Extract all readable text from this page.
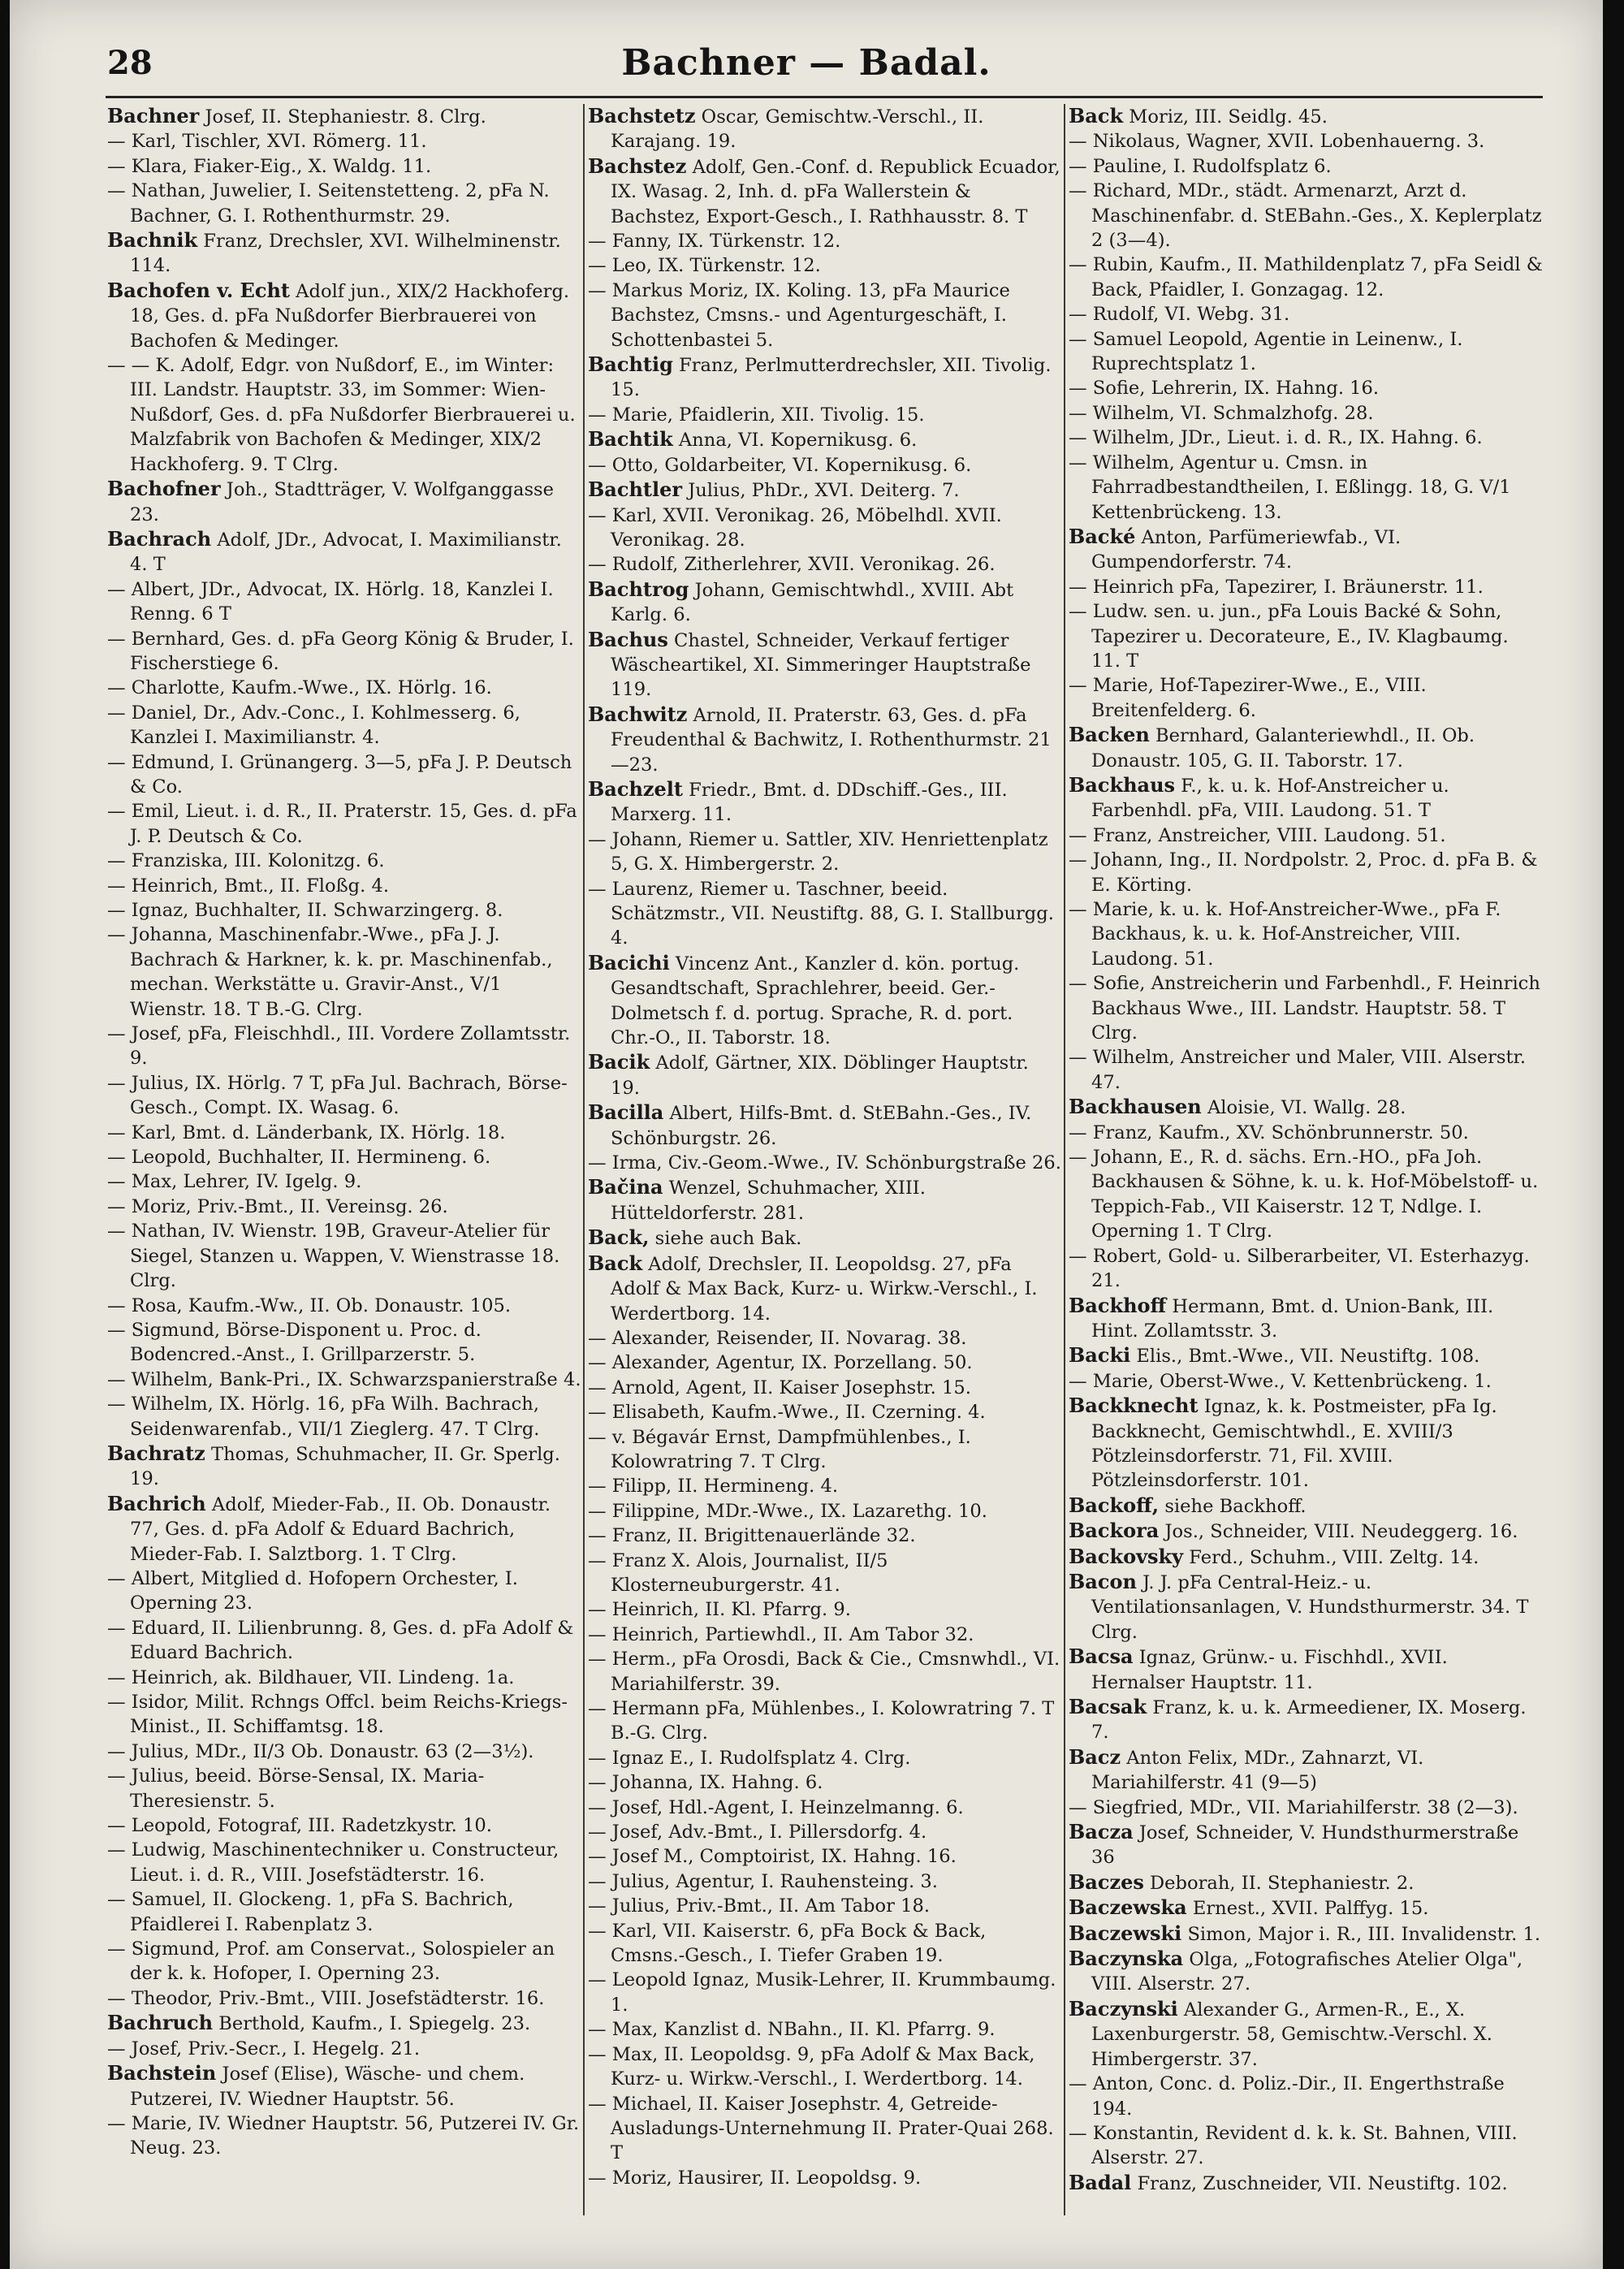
28	Bachner — Badal.
Bachner Josef, II. Stephaniestr. 8. Clrg.
— Karl, Tischler, XVI. Römerg. 11.
— Klara, Fiaker-Eig., X. Waldg. 11.
— Nathan, Juwelier, I. Seitenstetteng. 2, pFa N. Bachner, G. I. Rothenthurmstr. 29.
Bachnik Franz, Drechsler, XVI. Wilhelminenstr. 114.
Bachofen v. Echt Adolf jun., XIX/2 Hackhoferg. 18, Ges. d. pFa Nußdorfer Bierbrauerei von Bachofen & Medinger.
— — K. Adolf, Edgr. von Nußdorf, E., im Winter: III. Landstr. Hauptstr. 33, im Sommer: Wien-Nußdorf, Ges. d. pFa Nußdorfer Bierbrauerei u. Malzfabrik von Bachofen & Medinger, XIX/2 Hackhoferg. 9. T Clrg.
Bachofner Joh., Stadtträger, V. Wolfganggasse 23.
Bachrach Adolf, JDr., Advocat, I. Maximilianstr. 4. T
— Albert, JDr., Advocat, IX. Hörlg. 18, Kanzlei I. Renng. 6 T
— Bernhard, Ges. d. pFa Georg König & Bruder, I. Fischerstiege 6.
— Charlotte, Kaufm.-Wwe., IX. Hörlg. 16.
— Daniel, Dr., Adv.-Conc., I. Kohlmesserg. 6, Kanzlei I. Maximilianstr. 4.
— Edmund, I. Grünangerg. 3—5, pFa J. P. Deutsch & Co.
— Emil, Lieut. i. d. R., II. Praterstr. 15, Ges. d. pFa J. P. Deutsch & Co.
— Franziska, III. Kolonitzg. 6.
— Heinrich, Bmt., II. Floßg. 4.
— Ignaz, Buchhalter, II. Schwarzingerg. 8.
— Johanna, Maschinenfabr.-Wwe., pFa J. J. Bachrach & Harkner, k. k. pr. Maschinenfab., mechan. Werkstätte u. Gravir-Anst., V/1 Wienstr. 18. T B.-G. Clrg.
— Josef, pFa, Fleischhdl., III. Vordere Zollamtsstr. 9.
— Julius, IX. Hörlg. 7 T, pFa Jul. Bachrach, Börse-Gesch., Compt. IX. Wasag. 6.
— Karl, Bmt. d. Länderbank, IX. Hörlg. 18.
— Leopold, Buchhalter, II. Hermineng. 6.
— Max, Lehrer, IV. Igelg. 9.
— Moriz, Priv.-Bmt., II. Vereinsg. 26.
— Nathan, IV. Wienstr. 19B, Graveur-Atelier für Siegel, Stanzen u. Wappen, V. Wienstrasse 18. Clrg.
— Rosa, Kaufm.-Ww., II. Ob. Donaustr. 105.
— Sigmund, Börse-Disponent u. Proc. d. Bodencred.-Anst., I. Grillparzerstr. 5.
— Wilhelm, Bank-Pri., IX. Schwarzspanierstraße 4.
— Wilhelm, IX. Hörlg. 16, pFa Wilh. Bachrach, Seidenwarenfab., VII/1 Zieglerg. 47. T Clrg.
Bachratz Thomas, Schuhmacher, II. Gr. Sperlg. 19.
Bachrich Adolf, Mieder-Fab., II. Ob. Donaustr. 77, Ges. d. pFa Adolf & Eduard Bachrich, Mieder-Fab. I. Salztborg. 1. T Clrg.
— Albert, Mitglied d. Hofopern Orchester, I. Operning 23.
— Eduard, II. Lilienbrunng. 8, Ges. d. pFa Adolf & Eduard Bachrich.
— Heinrich, ak. Bildhauer, VII. Lindeng. 1a.
— Isidor, Milit. Rchngs Offcl. beim Reichs-Kriegs-Minist., II. Schiffamtsg. 18.
— Julius, MDr., II/3 Ob. Donaustr. 63 (2—3½).
— Julius, beeid. Börse-Sensal, IX. Maria-Theresienstr. 5.
— Leopold, Fotograf, III. Radetzkystr. 10.
— Ludwig, Maschinentechniker u. Constructeur, Lieut. i. d. R., VIII. Josefstädterstr. 16.
— Samuel, II. Glockeng. 1, pFa S. Bachrich, Pfaidlerei I. Rabenplatz 3.
— Sigmund, Prof. am Conservat., Solospieler an der k. k. Hofoper, I. Operning 23.
— Theodor, Priv.-Bmt., VIII. Josefstädterstr. 16.
Bachruch Berthold, Kaufm., I. Spiegelg. 23.
— Josef, Priv.-Secr., I. Hegelg. 21.
Bachstein Josef (Elise), Wäsche- und chem. Putzerei, IV. Wiedner Hauptstr. 56.
— Marie, IV. Wiedner Hauptstr. 56, Putzerei IV. Gr. Neug. 23.
Bachstetz Oscar, Gemischtw.-Verschl., II. Karajang. 19.
Bachstez Adolf, Gen.-Conf. d. Republick Ecuador, IX. Wasag. 2, Inh. d. pFa Wallerstein & Bachstez, Export-Gesch., I. Rathhausstr. 8. T
— Fanny, IX. Türkenstr. 12.
— Leo, IX. Türkenstr. 12.
— Markus Moriz, IX. Koling. 13, pFa Maurice Bachstez, Cmsns.- und Agenturgeschäft, I. Schottenbastei 5.
Bachtig Franz, Perlmutterdrechsler, XII. Tivolig. 15.
— Marie, Pfaidlerin, XII. Tivolig. 15.
Bachtik Anna, VI. Kopernikusg. 6.
— Otto, Goldarbeiter, VI. Kopernikusg. 6.
Bachtler Julius, PhDr., XVI. Deiterg. 7.
— Karl, XVII. Veronikag. 26, Möbelhdl. XVII. Veronikag. 28.
— Rudolf, Zitherlehrer, XVII. Veronikag. 26.
Bachtrog Johann, Gemischtwhdl., XVIII. Abt Karlg. 6.
Bachus Chastel, Schneider, Verkauf fertiger Wäscheartikel, XI. Simmeringer Hauptstraße 119.
Bachwitz Arnold, II. Praterstr. 63, Ges. d. pFa Freudenthal & Bachwitz, I. Rothenthurmstr. 21—23.
Bachzelt Friedr., Bmt. d. DDschiff.-Ges., III. Marxerg. 11.
— Johann, Riemer u. Sattler, XIV. Henriettenplatz 5, G. X. Himbergerstr. 2.
— Laurenz, Riemer u. Taschner, beeid. Schätzmstr., VII. Neustiftg. 88, G. I. Stallburgg. 4.
Bacichi Vincenz Ant., Kanzler d. kön. portug. Gesandtschaft, Sprachlehrer, beeid. Ger.-Dolmetsch f. d. portug. Sprache, R. d. port. Chr.-O., II. Taborstr. 18.
Bacik Adolf, Gärtner, XIX. Döblinger Hauptstr. 19.
Bacilla Albert, Hilfs-Bmt. d. StEBahn.-Ges., IV. Schönburgstr. 26.
— Irma, Civ.-Geom.-Wwe., IV. Schönburgstraße 26.
Bačina Wenzel, Schuhmacher, XIII. Hütteldorferstr. 281.
Back, siehe auch Bak.
Back Adolf, Drechsler, II. Leopoldsg. 27, pFa Adolf & Max Back, Kurz- u. Wirkw.-Verschl., I. Werdertborg. 14.
— Alexander, Reisender, II. Novarag. 38.
— Alexander, Agentur, IX. Porzellang. 50.
— Arnold, Agent, II. Kaiser Josephstr. 15.
— Elisabeth, Kaufm.-Wwe., II. Czerning. 4.
— v. Bégavár Ernst, Dampfmühlenbes., I. Kolowratring 7. T Clrg.
— Filipp, II. Hermineng. 4.
— Filippine, MDr.-Wwe., IX. Lazarethg. 10.
— Franz, II. Brigittenauerlände 32.
— Franz X. Alois, Journalist, II/5 Klosterneuburgerstr. 41.
— Heinrich, II. Kl. Pfarrg. 9.
— Heinrich, Partiewhdl., II. Am Tabor 32.
— Herm., pFa Orosdi, Back & Cie., Cmsnwhdl., VI. Mariahilferstr. 39.
— Hermann pFa, Mühlenbes., I. Kolowratring 7. T B.-G. Clrg.
— Ignaz E., I. Rudolfsplatz 4. Clrg.
— Johanna, IX. Hahng. 6.
— Josef, Hdl.-Agent, I. Heinzelmanng. 6.
— Josef, Adv.-Bmt., I. Pillersdorfg. 4.
— Josef M., Comptoirist, IX. Hahng. 16.
— Julius, Agentur, I. Rauhensteing. 3.
— Julius, Priv.-Bmt., II. Am Tabor 18.
— Karl, VII. Kaiserstr. 6, pFa Bock & Back, Cmsns.-Gesch., I. Tiefer Graben 19.
— Leopold Ignaz, Musik-Lehrer, II. Krummbaumg. 1.
— Max, Kanzlist d. NBahn., II. Kl. Pfarrg. 9.
— Max, II. Leopoldsg. 9, pFa Adolf & Max Back, Kurz- u. Wirkw.-Verschl., I. Werdertborg. 14.
— Michael, II. Kaiser Josephstr. 4, Getreide-Ausladungs-Unternehmung II. Prater-Quai 268. T
— Moriz, Hausirer, II. Leopoldsg. 9.
Back Moriz, III. Seidlg. 45.
— Nikolaus, Wagner, XVII. Lobenhauerng. 3.
— Pauline, I. Rudolfsplatz 6.
— Richard, MDr., städt. Armenarzt, Arzt d. Maschinenfabr. d. StEBahn.-Ges., X. Keplerplatz 2 (3—4).
— Rubin, Kaufm., II. Mathildenplatz 7, pFa Seidl & Back, Pfaidler, I. Gonzagag. 12.
— Rudolf, VI. Webg. 31.
— Samuel Leopold, Agentie in Leinenw., I. Ruprechtsplatz 1.
— Sofie, Lehrerin, IX. Hahng. 16.
— Wilhelm, VI. Schmalzhofg. 28.
— Wilhelm, JDr., Lieut. i. d. R., IX. Hahng. 6.
— Wilhelm, Agentur u. Cmsn. in Fahrradbestandtheilen, I. Eßlingg. 18, G. V/1 Kettenbrückeng. 13.
Backé Anton, Parfümeriewfab., VI. Gumpendorferstr. 74.
— Heinrich pFa, Tapezirer, I. Bräunerstr. 11.
— Ludw. sen. u. jun., pFa Louis Backé & Sohn, Tapezirer u. Decorateure, E., IV. Klagbaumg. 11. T
— Marie, Hof-Tapezirer-Wwe., E., VIII. Breitenfelderg. 6.
Backen Bernhard, Galanteriewhdl., II. Ob. Donaustr. 105, G. II. Taborstr. 17.
Backhaus F., k. u. k. Hof-Anstreicher u. Farbenhdl. pFa, VIII. Laudong. 51. T
— Franz, Anstreicher, VIII. Laudong. 51.
— Johann, Ing., II. Nordpolstr. 2, Proc. d. pFa B. & E. Körting.
— Marie, k. u. k. Hof-Anstreicher-Wwe., pFa F. Backhaus, k. u. k. Hof-Anstreicher, VIII. Laudong. 51.
— Sofie, Anstreicherin und Farbenhdl., F. Heinrich Backhaus Wwe., III. Landstr. Hauptstr. 58. T Clrg.
— Wilhelm, Anstreicher und Maler, VIII. Alserstr. 47.
Backhausen Aloisie, VI. Wallg. 28.
— Franz, Kaufm., XV. Schönbrunnerstr. 50.
— Johann, E., R. d. sächs. Ern.-HO., pFa Joh. Backhausen & Söhne, k. u. k. Hof-Möbelstoff- u. Teppich-Fab., VII Kaiserstr. 12 T, Ndlge. I. Operning 1. T Clrg.
— Robert, Gold- u. Silberarbeiter, VI. Esterhazyg. 21.
Backhoff Hermann, Bmt. d. Union-Bank, III. Hint. Zollamtsstr. 3.
Backi Elis., Bmt.-Wwe., VII. Neustiftg. 108.
— Marie, Oberst-Wwe., V. Kettenbrückeng. 1.
Backknecht Ignaz, k. k. Postmeister, pFa Ig. Backknecht, Gemischtwhdl., E. XVIII/3 Pötzleinsdorferstr. 71, Fil. XVIII. Pötzleinsdorferstr. 101.
Backoff, siehe Backhoff.
Backora Jos., Schneider, VIII. Neudeggerg. 16.
Backovsky Ferd., Schuhm., VIII. Zeltg. 14.
Bacon J. J. pFa Central-Heiz.- u. Ventilationsanlagen, V. Hundsthurmerstr. 34. T Clrg.
Bacsa Ignaz, Grünw.- u. Fischhdl., XVII. Hernalser Hauptstr. 11.
Bacsak Franz, k. u. k. Armeediener, IX. Moserg. 7.
Bacz Anton Felix, MDr., Zahnarzt, VI. Mariahilferstr. 41 (9—5)
— Siegfried, MDr., VII. Mariahilferstr. 38 (2—3).
Bacza Josef, Schneider, V. Hundsthurmerstraße 36
Baczes Deborah, II. Stephaniestr. 2.
Baczewska Ernest., XVII. Palffyg. 15.
Baczewski Simon, Major i. R., III. Invalidenstr. 1.
Baczynska Olga, „Fotografisches Atelier Olga", VIII. Alserstr. 27.
Baczynski Alexander G., Armen-R., E., X. Laxenburgerstr. 58, Gemischtw.-Verschl. X. Himbergerstr. 37.
— Anton, Conc. d. Poliz.-Dir., II. Engerthstraße 194.
— Konstantin, Revident d. k. k. St. Bahnen, VIII. Alserstr. 27.
Badal Franz, Zuschneider, VII. Neustiftg. 102.
